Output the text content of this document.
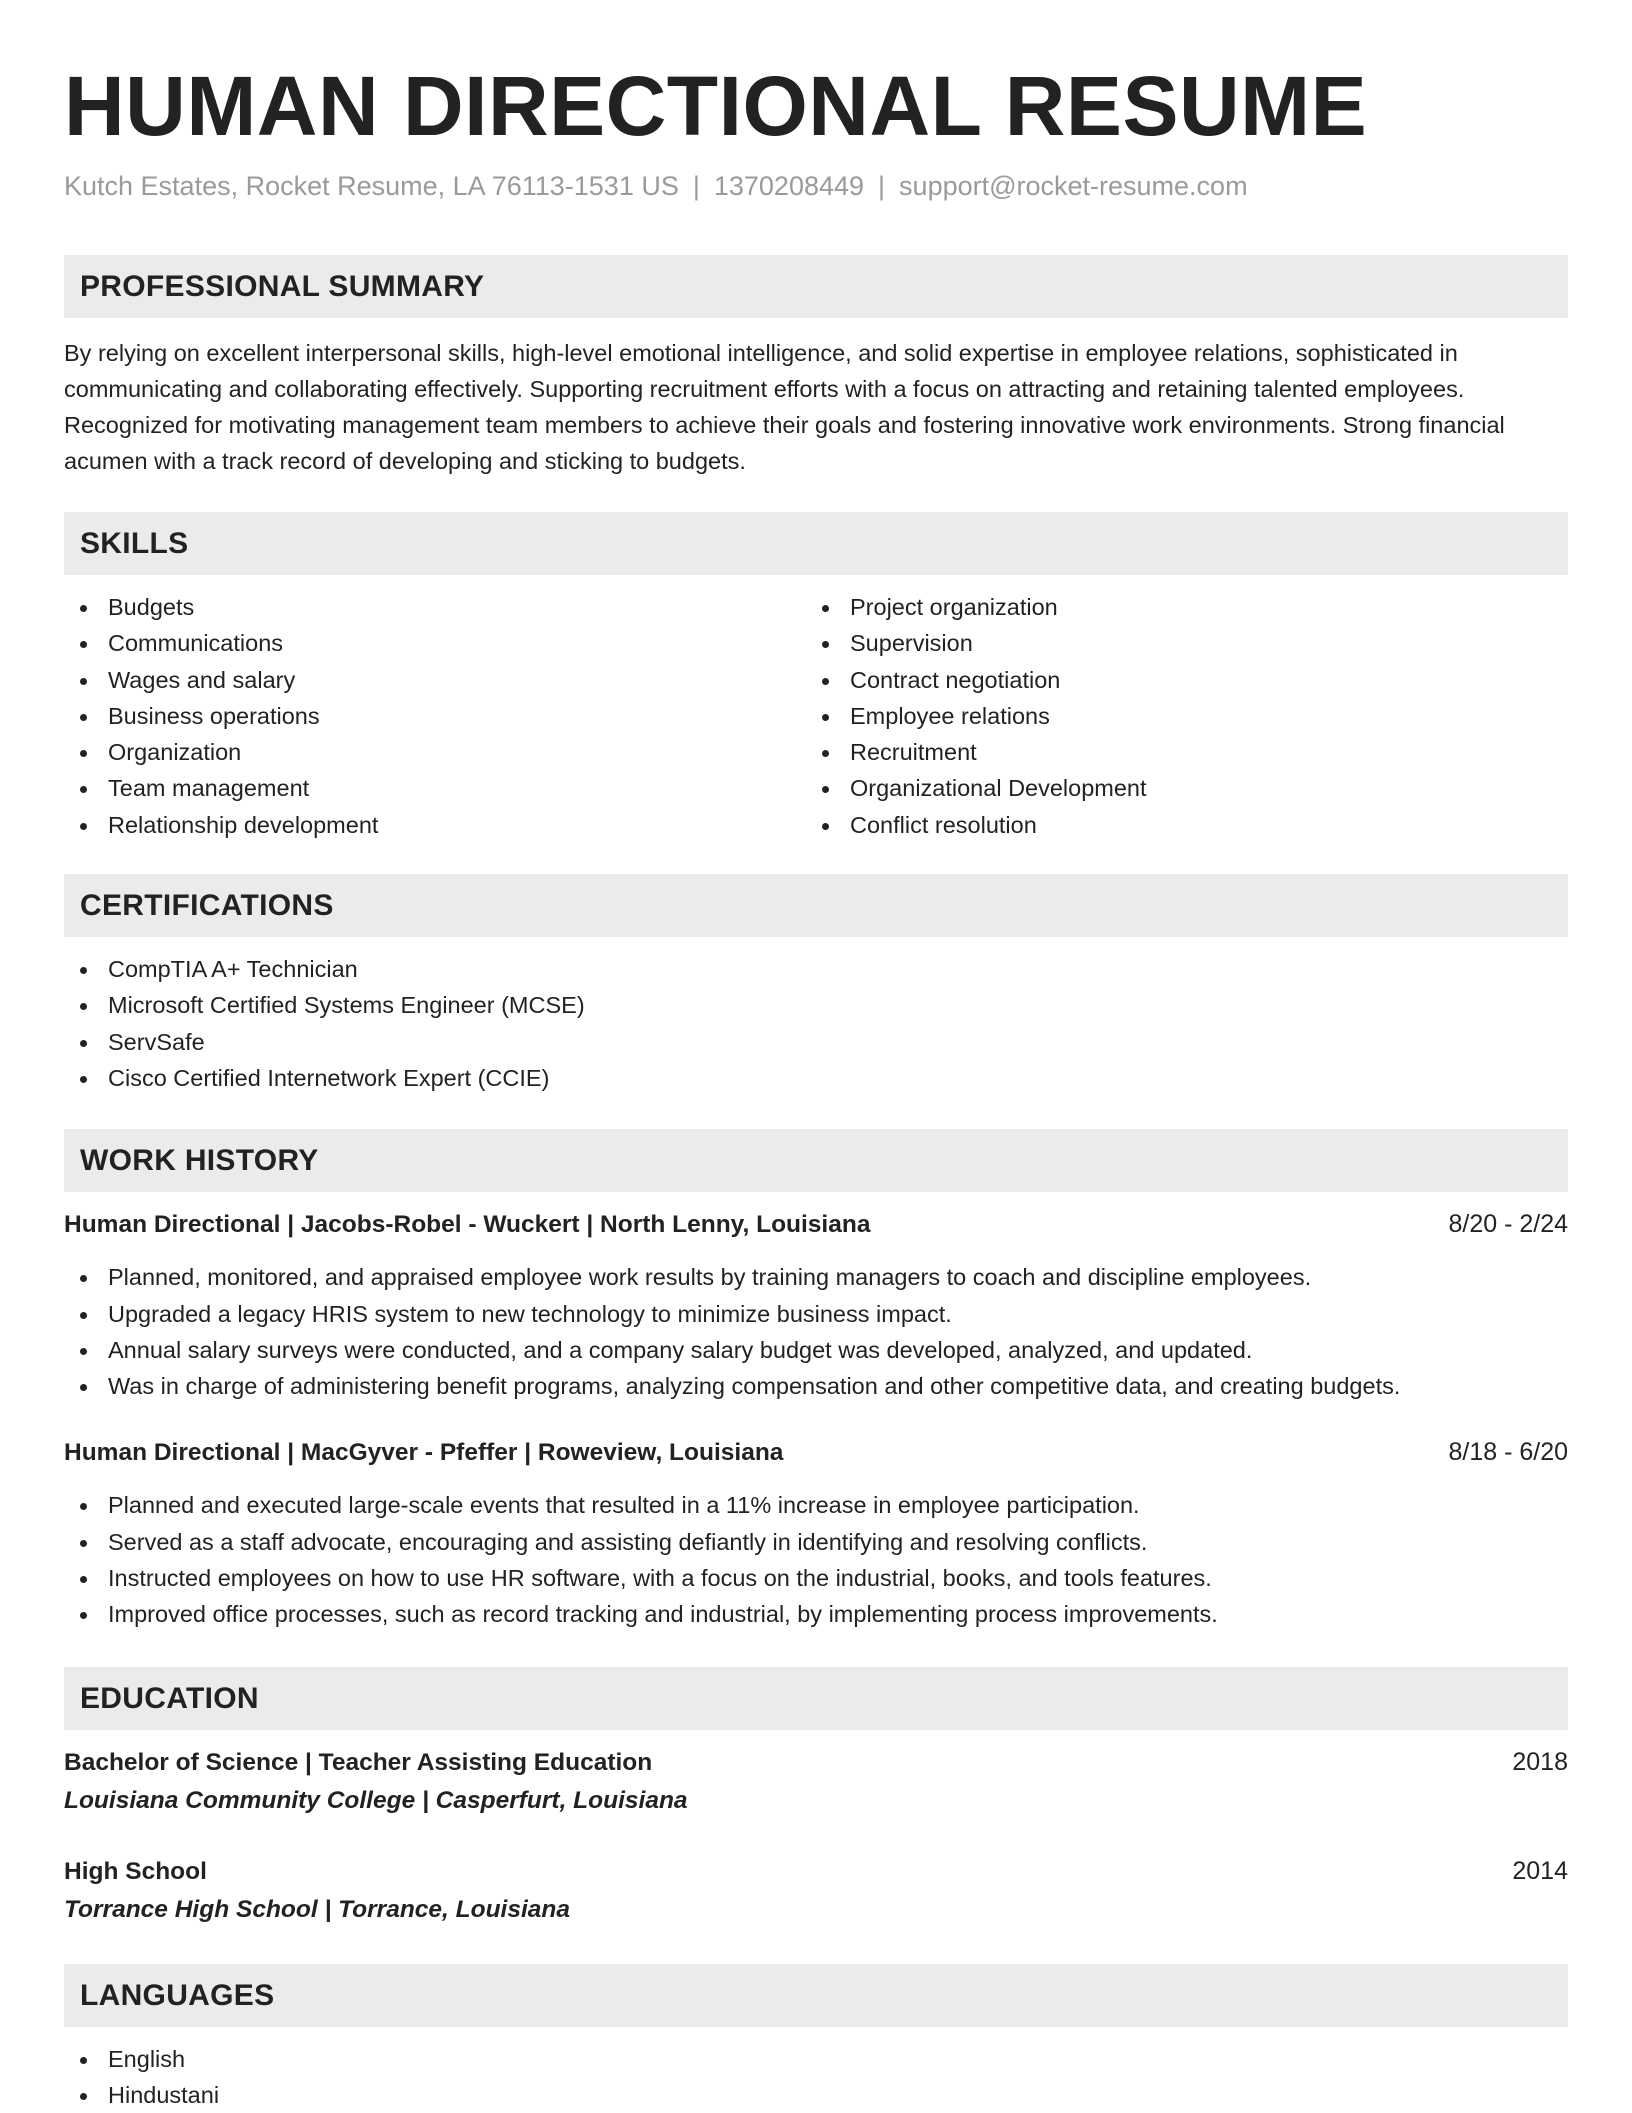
HUMAN DIRECTIONAL RESUME
Kutch Estates, Rocket Resume, LA 76113-1531 US | 1370208449 | support@rocket-resume.com
PROFESSIONAL SUMMARY
By relying on excellent interpersonal skills, high-level emotional intelligence, and solid expertise in employee relations, sophisticated in communicating and collaborating effectively. Supporting recruitment efforts with a focus on attracting and retaining talented employees. Recognized for motivating management team members to achieve their goals and fostering innovative work environments. Strong financial acumen with a track record of developing and sticking to budgets.
SKILLS
Budgets
Communications
Wages and salary
Business operations
Organization
Team management
Relationship development
Project organization
Supervision
Contract negotiation
Employee relations
Recruitment
Organizational Development
Conflict resolution
CERTIFICATIONS
CompTIA A+ Technician
Microsoft Certified Systems Engineer (MCSE)
ServSafe
Cisco Certified Internetwork Expert (CCIE)
WORK HISTORY
Human Directional | Jacobs-Robel - Wuckert | North Lenny, Louisiana	8/20 - 2/24
Planned, monitored, and appraised employee work results by training managers to coach and discipline employees.
Upgraded a legacy HRIS system to new technology to minimize business impact.
Annual salary surveys were conducted, and a company salary budget was developed, analyzed, and updated.
Was in charge of administering benefit programs, analyzing compensation and other competitive data, and creating budgets.
Human Directional | MacGyver - Pfeffer | Roweview, Louisiana	8/18 - 6/20
Planned and executed large-scale events that resulted in a 11% increase in employee participation.
Served as a staff advocate, encouraging and assisting defiantly in identifying and resolving conflicts.
Instructed employees on how to use HR software, with a focus on the industrial, books, and tools features.
Improved office processes, such as record tracking and industrial, by implementing process improvements.
EDUCATION
Bachelor of Science | Teacher Assisting Education	2018
Louisiana Community College | Casperfurt, Louisiana
High School	2014
Torrance High School | Torrance, Louisiana
LANGUAGES
English
Hindustani
